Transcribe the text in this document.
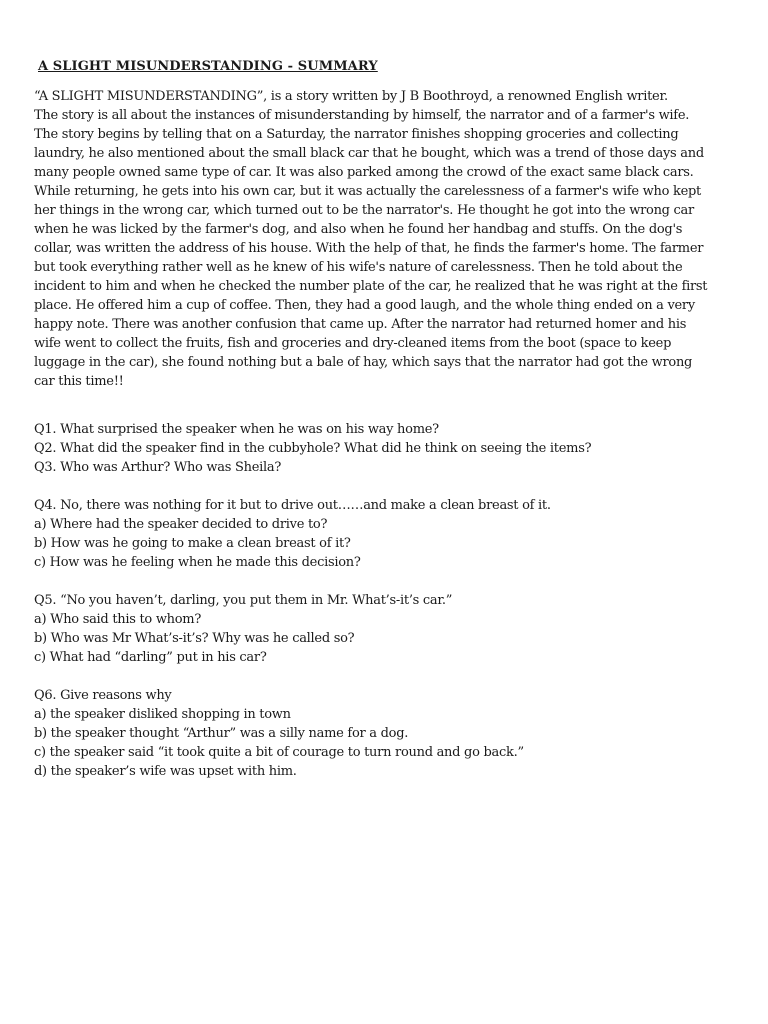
A SLIGHT MISUNDERSTANDING - SUMMARY
“A SLIGHT MISUNDERSTANDING”, is a story written by J B Boothroyd, a renowned English writer.
The story is all about the instances of misunderstanding by himself, the narrator and of a farmer's wife.
The story begins by telling that on a Saturday, the narrator finishes shopping groceries and collecting
laundry, he also mentioned about the small black car that he bought, which was a trend of those days and
many people owned same type of car. It was also parked among the crowd of the exact same black cars.
While returning, he gets into his own car, but it was actually the carelessness of a farmer's wife who kept
her things in the wrong car, which turned out to be the narrator's. He thought he got into the wrong car
when he was licked by the farmer's dog, and also when he found her handbag and stuffs. On the dog's
collar, was written the address of his house. With the help of that, he finds the farmer's home. The farmer
but took everything rather well as he knew of his wife's nature of carelessness. Then he told about the
incident to him and when he checked the number plate of the car, he realized that he was right at the first
place. He offered him a cup of coffee. Then, they had a good laugh, and the whole thing ended on a very
happy note. There was another confusion that came up. After the narrator had returned homer and his
wife went to collect the fruits, fish and groceries and dry-cleaned items from the boot (space to keep
luggage in the car), she found nothing but a bale of hay, which says that the narrator had got the wrong
car this time!!
Q1. What surprised the speaker when he was on his way home?
Q2. What did the speaker find in the cubbyhole? What did he think on seeing the items?
Q3. Who was Arthur? Who was Sheila?
Q4. No, there was nothing for it but to drive out……and make a clean breast of it.
a) Where had the speaker decided to drive to?
b) How was he going to make a clean breast of it?
c) How was he feeling when he made this decision?
Q5. “No you haven’t, darling, you put them in Mr. What’s-it’s car.”
a) Who said this to whom?
b) Who was Mr What’s-it’s? Why was he called so?
c) What had “darling” put in his car?
Q6. Give reasons why
a) the speaker disliked shopping in town
b) the speaker thought “Arthur” was a silly name for a dog.
c) the speaker said “it took quite a bit of courage to turn round and go back.”
d) the speaker’s wife was upset with him.
